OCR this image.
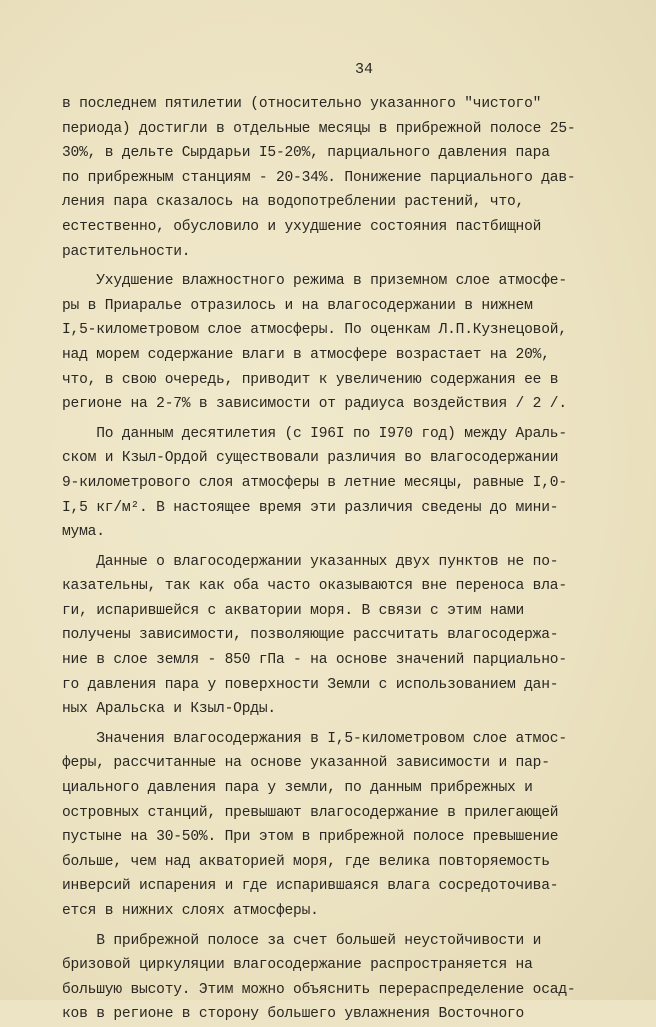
34

в последнем пятилетии (относительно указанного "чистого"
периода) достигли в отдельные месяцы в прибрежной полосе 25-
30%, в дельте Сырдарьи I5-20%, парциального давления пара
по прибрежным станциям - 20-34%. Понижение парциального дав-
ления пара сказалось на водопотреблении растений, что,
естественно, обусловило и ухудшение состояния пастбищной
растительности.

Ухудшение влажностного режима в приземном слое атмосфе-
ры в Приаралье отразилось и на влагосодержании в нижнем
I,5-километровом слое атмосферы. По оценкам Л.П.Кузнецовой,
над морем содержание влаги в атмосфере возрастает на 20%,
что, в свою очередь, приводит к увеличению содержания ее в
регионе на 2-7% в зависимости от радиуса воздействия / 2 /.

По данным десятилетия (с I96I по I970 год) между Араль-
ском и Кзыл-Ордой существовали различия во влагосодержании
9-километрового слоя атмосферы в летние месяцы, равные I,0-
I,5 кг/м². В настоящее время эти различия сведены до мини-
мума.

Данные о влагосодержании указанных двух пунктов не по-
казательны, так как оба часто оказываются вне переноса вла-
ги, испарившейся с акватории моря. В связи с этим нами
получены зависимости, позволяющие рассчитать влагосодержа-
ние в слое земля - 850 гПа - на основе значений парциально-
го давления пара у поверхности Земли с использованием дан-
ных Аральска и Кзыл-Орды.

Значения влагосодержания в I,5-километровом слое атмос-
феры, рассчитанные на основе указанной зависимости и пар-
циального давления пара у земли, по данным прибрежных и
островных станций, превышают влагосодержание в прилегающей
пустыне на 30-50%. При этом в прибрежной полосе превышение
больше, чем над акваторией моря, где велика повторяемость
инверсий испарения и где испарившаяся влага сосредоточива-
ется в нижних слоях атмосферы.

В прибрежной полосе за счет большей неустойчивости и
бризовой циркуляции влагосодержание распространяется на
большую высоту. Этим можно объяснить перераспределение осад-
ков в регионе в сторону большего увлажнения Восточного
